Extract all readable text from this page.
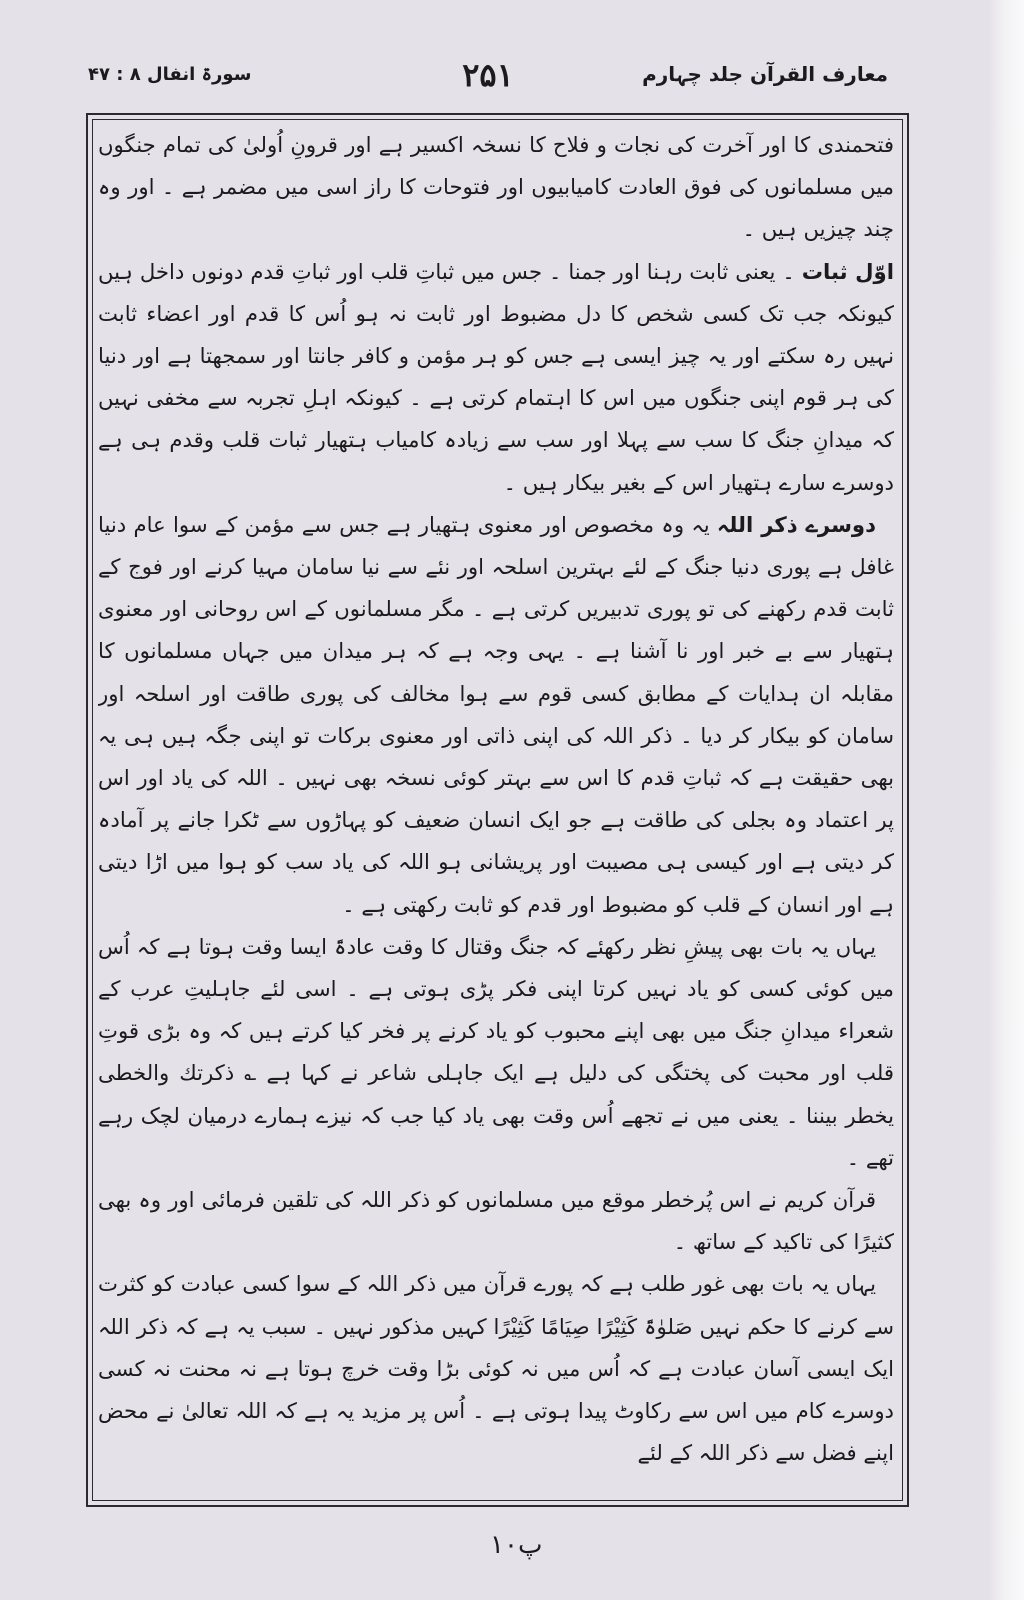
معارف القرآن جلد چہارم
۲۵۱
سورۃ انفال ۸ : ۴۷

فتحمندی کا اور آخرت کی نجات و فلاح کا نسخہ اکسیر ہے اور قرونِ اُولیٰ کی تمام جنگوں میں مسلمانوں کی فوق العادت کامیابیوں اور فتوحات کا راز اسی میں مضمر ہے ۔ اور وہ چند چیزیں ہیں ۔

اوّل ثبات ۔ یعنی ثابت رہنا اور جمنا ۔ جس میں ثباتِ قلب اور ثباتِ قدم دونوں داخل ہیں کیونکہ جب تک کسی شخص کا دل مضبوط اور ثابت نہ ہو اُس کا قدم اور اعضاء ثابت نہیں رہ سکتے اور یہ چیز ایسی ہے جس کو ہر مؤمن و کافر جانتا اور سمجھتا ہے اور دنیا کی ہر قوم اپنی جنگوں میں اس کا اہتمام کرتی ہے ۔ کیونکہ اہلِ تجربہ سے مخفی نہیں کہ میدانِ جنگ کا سب سے پہلا اور سب سے زیادہ کامیاب ہتھیار ثبات قلب وقدم ہی ہے دوسرے سارے ہتھیار اس کے بغیر بیکار ہیں ۔

دوسرے ذکر اللہ یہ وہ مخصوص اور معنوی ہتھیار ہے جس سے مؤمن کے سوا عام دنیا غافل ہے پوری دنیا جنگ کے لئے بہترین اسلحہ اور نئے سے نیا سامان مہیا کرنے اور فوج کے ثابت قدم رکھنے کی تو پوری تدبیریں کرتی ہے ۔ مگر مسلمانوں کے اس روحانی اور معنوی ہتھیار سے بے خبر اور نا آشنا ہے ۔ یہی وجہ ہے کہ ہر میدان میں جہاں مسلمانوں کا مقابلہ ان ہدایات کے مطابق کسی قوم سے ہوا مخالف کی پوری طاقت اور اسلحہ اور سامان کو بیکار کر دیا ۔ ذکر اللہ کی اپنی ذاتی اور معنوی برکات تو اپنی جگہ ہیں ہی یہ بھی حقیقت ہے کہ ثباتِ قدم کا اس سے بہتر کوئی نسخہ بھی نہیں ۔ اللہ کی یاد اور اس پر اعتماد وہ بجلی کی طاقت ہے جو ایک انسان ضعیف کو پہاڑوں سے ٹکرا جانے پر آمادہ کر دیتی ہے اور کیسی ہی مصیبت اور پریشانی ہو اللہ کی یاد سب کو ہوا میں اڑا دیتی ہے اور انسان کے قلب کو مضبوط اور قدم کو ثابت رکھتی ہے ۔

یہاں یہ بات بھی پیشِ نظر رکھئے کہ جنگ وقتال کا وقت عادۃً ایسا وقت ہوتا ہے کہ اُس میں کوئی کسی کو یاد نہیں کرتا اپنی فکر پڑی ہوتی ہے ۔ اسی لئے جاہلیتِ عرب کے شعراء میدانِ جنگ میں بھی اپنے محبوب کو یاد کرنے پر فخر کیا کرتے ہیں کہ وہ بڑی قوتِ قلب اور محبت کی پختگی کی دلیل ہے ایک جاہلی شاعر نے کہا ہے ؎ ذکرتك والخطی یخطر بیننا ۔ یعنی میں نے تجھے اُس وقت بھی یاد کیا جب کہ نیزے ہمارے درمیان لچک رہے تھے ۔

قرآن کریم نے اس پُرخطر موقع میں مسلمانوں کو ذکر اللہ کی تلقین فرمائی اور وہ بھی کثیرًا کی تاکید کے ساتھ ۔

یہاں یہ بات بھی غور طلب ہے کہ پورے قرآن میں ذکر اللہ کے سوا کسی عبادت کو کثرت سے کرنے کا حکم نہیں صَلوٰۃً کَثِیْرًا صِیَامًا کَثِیْرًا کہیں مذکور نہیں ۔ سبب یہ ہے کہ ذکر اللہ ایک ایسی آسان عبادت ہے کہ اُس میں نہ کوئی بڑا وقت خرچ ہوتا ہے نہ محنت نہ کسی دوسرے کام میں اس سے رکاوٹ پیدا ہوتی ہے ۔ اُس پر مزید یہ ہے کہ اللہ تعالیٰ نے محض اپنے فضل سے ذکر اللہ کے لئے

پ۱۰
